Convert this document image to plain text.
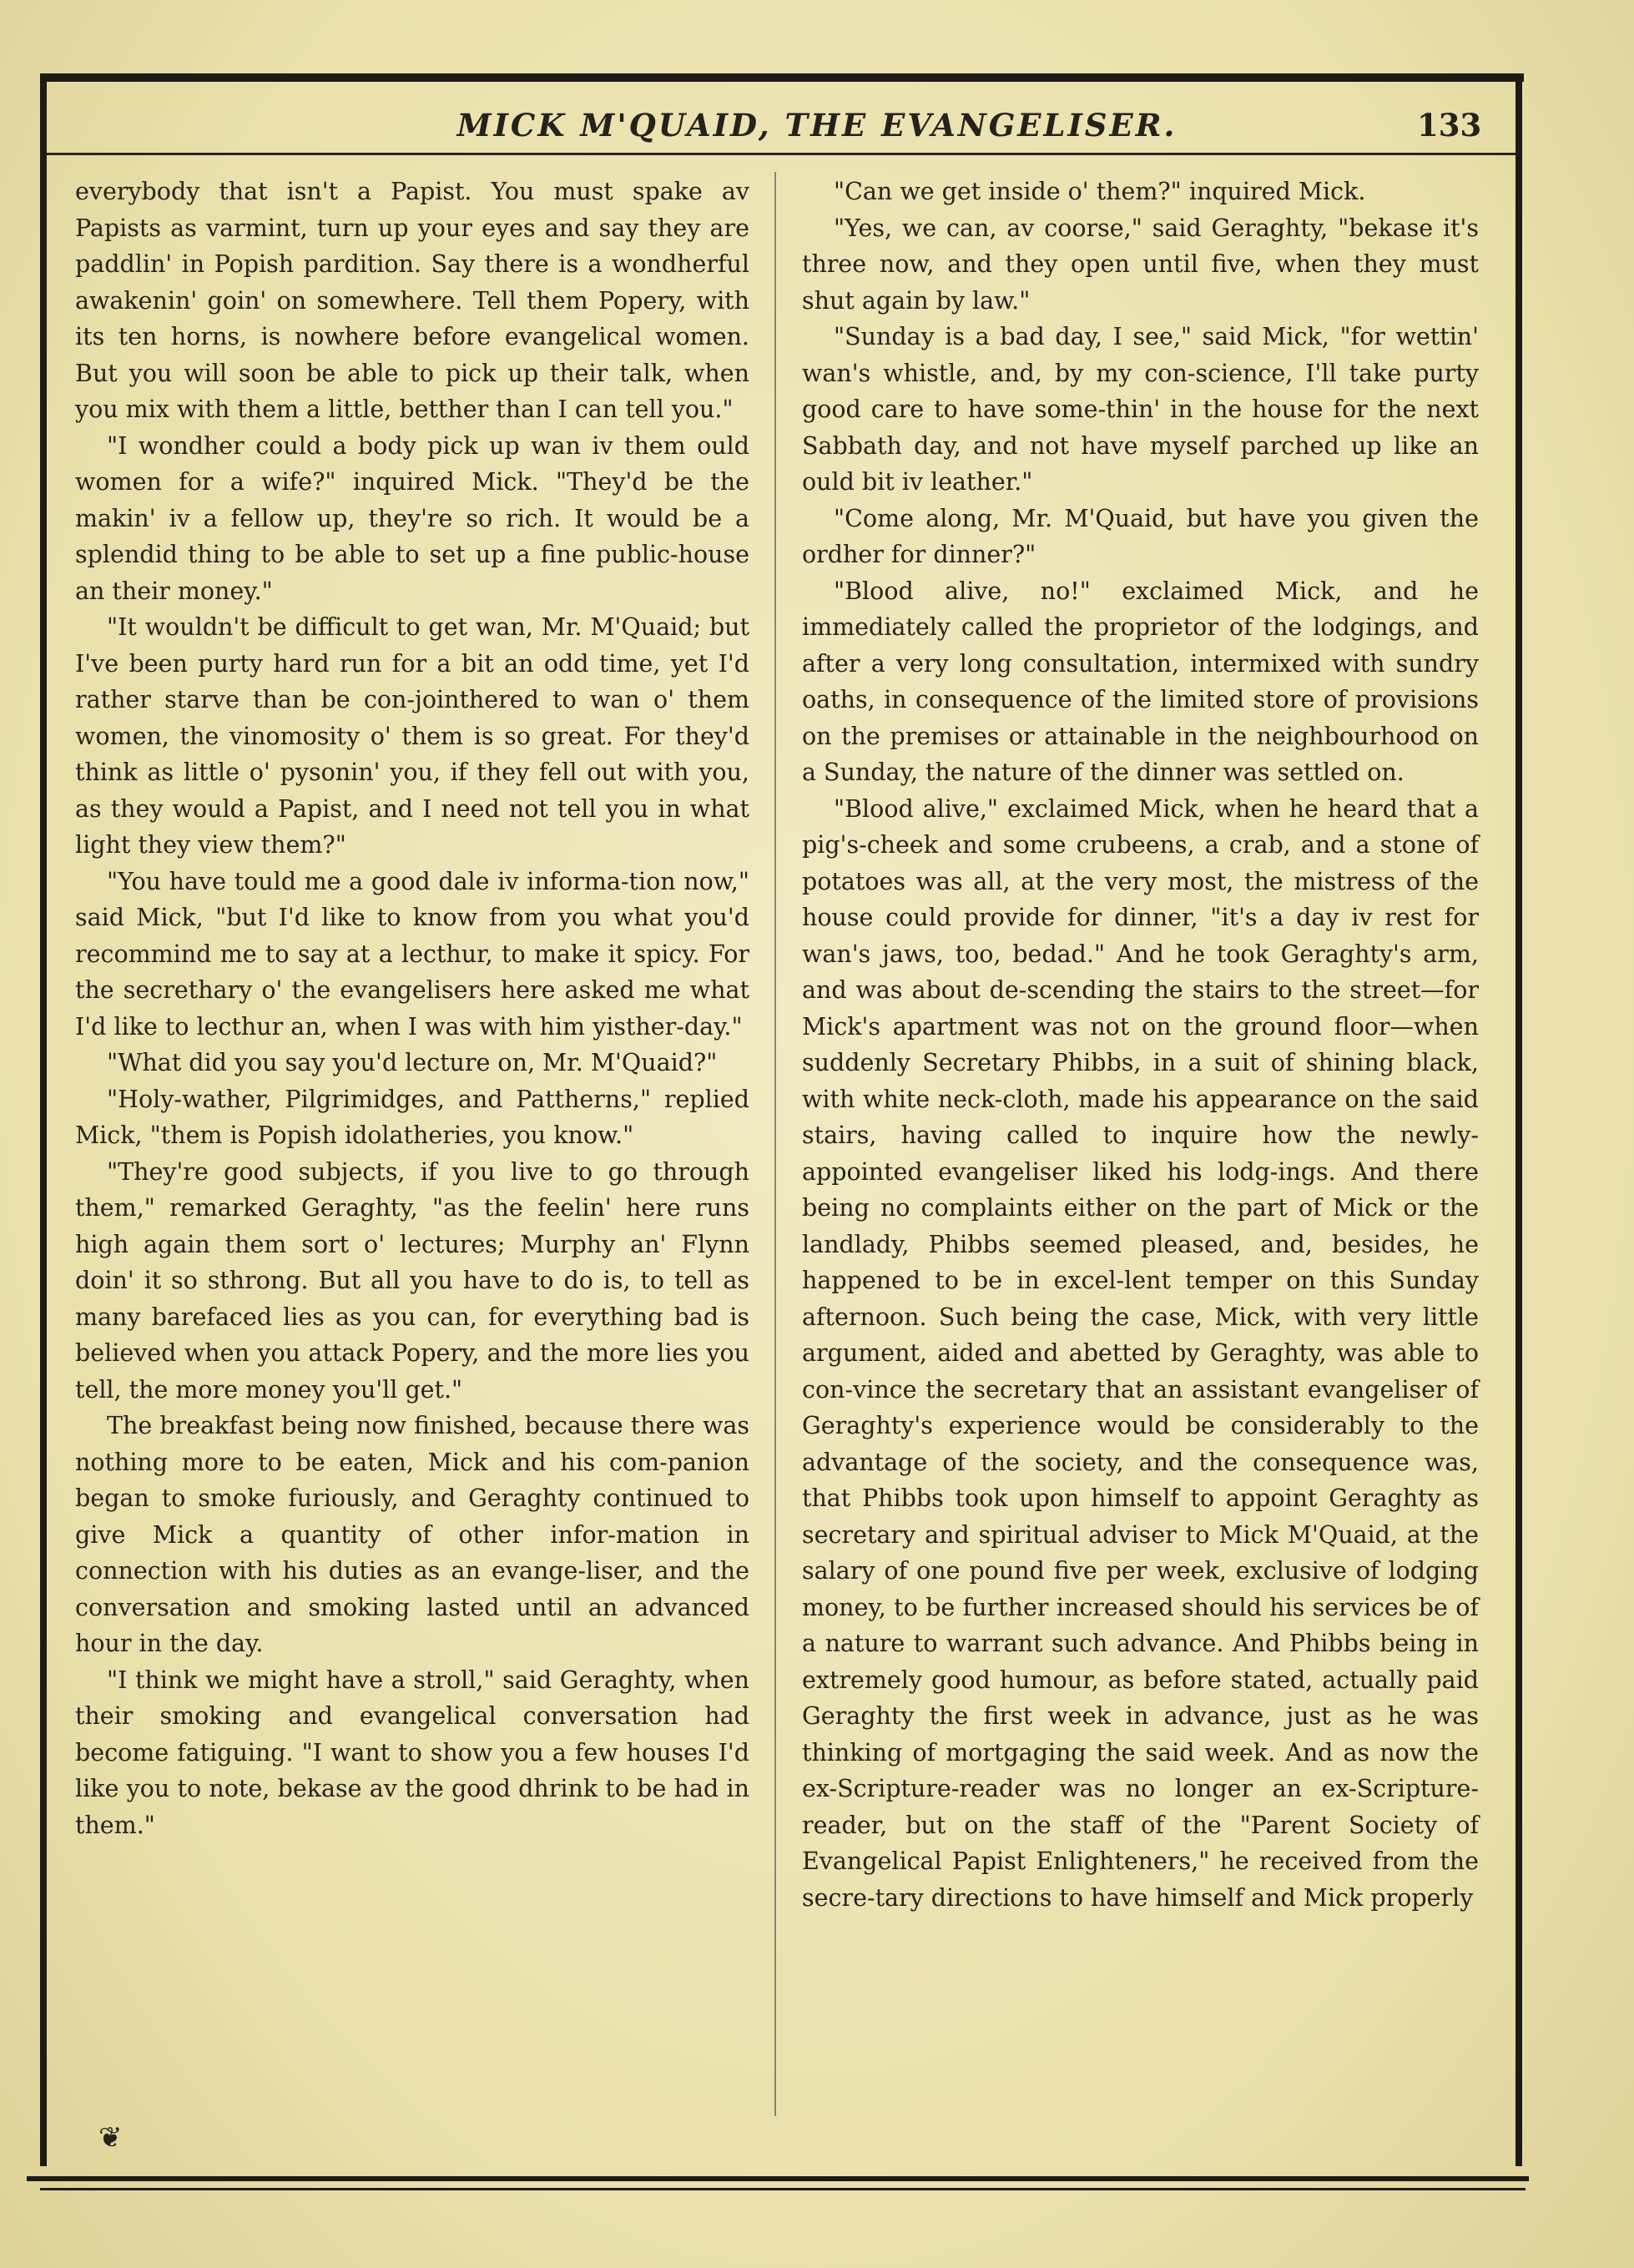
MICK M'QUAID, THE EVANGELISER.	133

everybody that isn't a Papist. You must spake av Papists as varmint, turn up your eyes and say they are paddlin' in Popish pardition. Say there is a wondherful awakenin' goin' on somewhere. Tell them Popery, with its ten horns, is nowhere before evangelical women. But you will soon be able to pick up their talk, when you mix with them a little, betther than I can tell you."

"I wondher could a body pick up wan iv them ould women for a wife?" inquired Mick. "They'd be the makin' iv a fellow up, they're so rich. It would be a splendid thing to be able to set up a fine public-house an their money."

"It wouldn't be difficult to get wan, Mr. M'Quaid; but I've been purty hard run for a bit an odd time, yet I'd rather starve than be con-jointhered to wan o' them women, the vinomosity o' them is so great. For they'd think as little o' pysonin' you, if they fell out with you, as they would a Papist, and I need not tell you in what light they view them?"

"You have tould me a good dale iv informa-tion now," said Mick, "but I'd like to know from you what you'd recommind me to say at a lecthur, to make it spicy. For the secrethary o' the evangelisers here asked me what I'd like to lecthur an, when I was with him yisther-day."

"What did you say you'd lecture on, Mr. M'Quaid?"

"Holy-wather, Pilgrimidges, and Pattherns," replied Mick, "them is Popish idolatheries, you know."

"They're good subjects, if you live to go through them," remarked Geraghty, "as the feelin' here runs high again them sort o' lectures; Murphy an' Flynn doin' it so sthrong. But all you have to do is, to tell as many barefaced lies as you can, for everything bad is believed when you attack Popery, and the more lies you tell, the more money you'll get."

The breakfast being now finished, because there was nothing more to be eaten, Mick and his com-panion began to smoke furiously, and Geraghty continued to give Mick a quantity of other infor-mation in connection with his duties as an evange-liser, and the conversation and smoking lasted until an advanced hour in the day.

"I think we might have a stroll," said Geraghty, when their smoking and evangelical conversation had become fatiguing. "I want to show you a few houses I'd like you to note, bekase av the good dhrink to be had in them."

"Can we get inside o' them?" inquired Mick.

"Yes, we can, av coorse," said Geraghty, "bekase it's three now, and they open until five, when they must shut again by law."

"Sunday is a bad day, I see," said Mick, "for wettin' wan's whistle, and, by my con-science, I'll take purty good care to have some-thin' in the house for the next Sabbath day, and not have myself parched up like an ould bit iv leather."

"Come along, Mr. M'Quaid, but have you given the ordher for dinner?"

"Blood alive, no!" exclaimed Mick, and he immediately called the proprietor of the lodgings, and after a very long consultation, intermixed with sundry oaths, in consequence of the limited store of provisions on the premises or attainable in the neighbourhood on a Sunday, the nature of the dinner was settled on.

"Blood alive," exclaimed Mick, when he heard that a pig's-cheek and some crubeens, a crab, and a stone of potatoes was all, at the very most, the mistress of the house could provide for dinner, "it's a day iv rest for wan's jaws, too, bedad." And he took Geraghty's arm, and was about de-scending the stairs to the street—for Mick's apartment was not on the ground floor—when suddenly Secretary Phibbs, in a suit of shining black, with white neck-cloth, made his appearance on the said stairs, having called to inquire how the newly-appointed evangeliser liked his lodg-ings. And there being no complaints either on the part of Mick or the landlady, Phibbs seemed pleased, and, besides, he happened to be in excel-lent temper on this Sunday afternoon. Such being the case, Mick, with very little argument, aided and abetted by Geraghty, was able to con-vince the secretary that an assistant evangeliser of Geraghty's experience would be considerably to the advantage of the society, and the consequence was, that Phibbs took upon himself to appoint Geraghty as secretary and spiritual adviser to Mick M'Quaid, at the salary of one pound five per week, exclusive of lodging money, to be further increased should his services be of a nature to warrant such advance. And Phibbs being in extremely good humour, as before stated, actually paid Geraghty the first week in advance, just as he was thinking of mortgaging the said week. And as now the ex-Scripture-reader was no longer an ex-Scripture-reader, but on the staff of the "Parent Society of Evangelical Papist Enlighteners," he received from the secre-tary directions to have himself and Mick properly

❦
